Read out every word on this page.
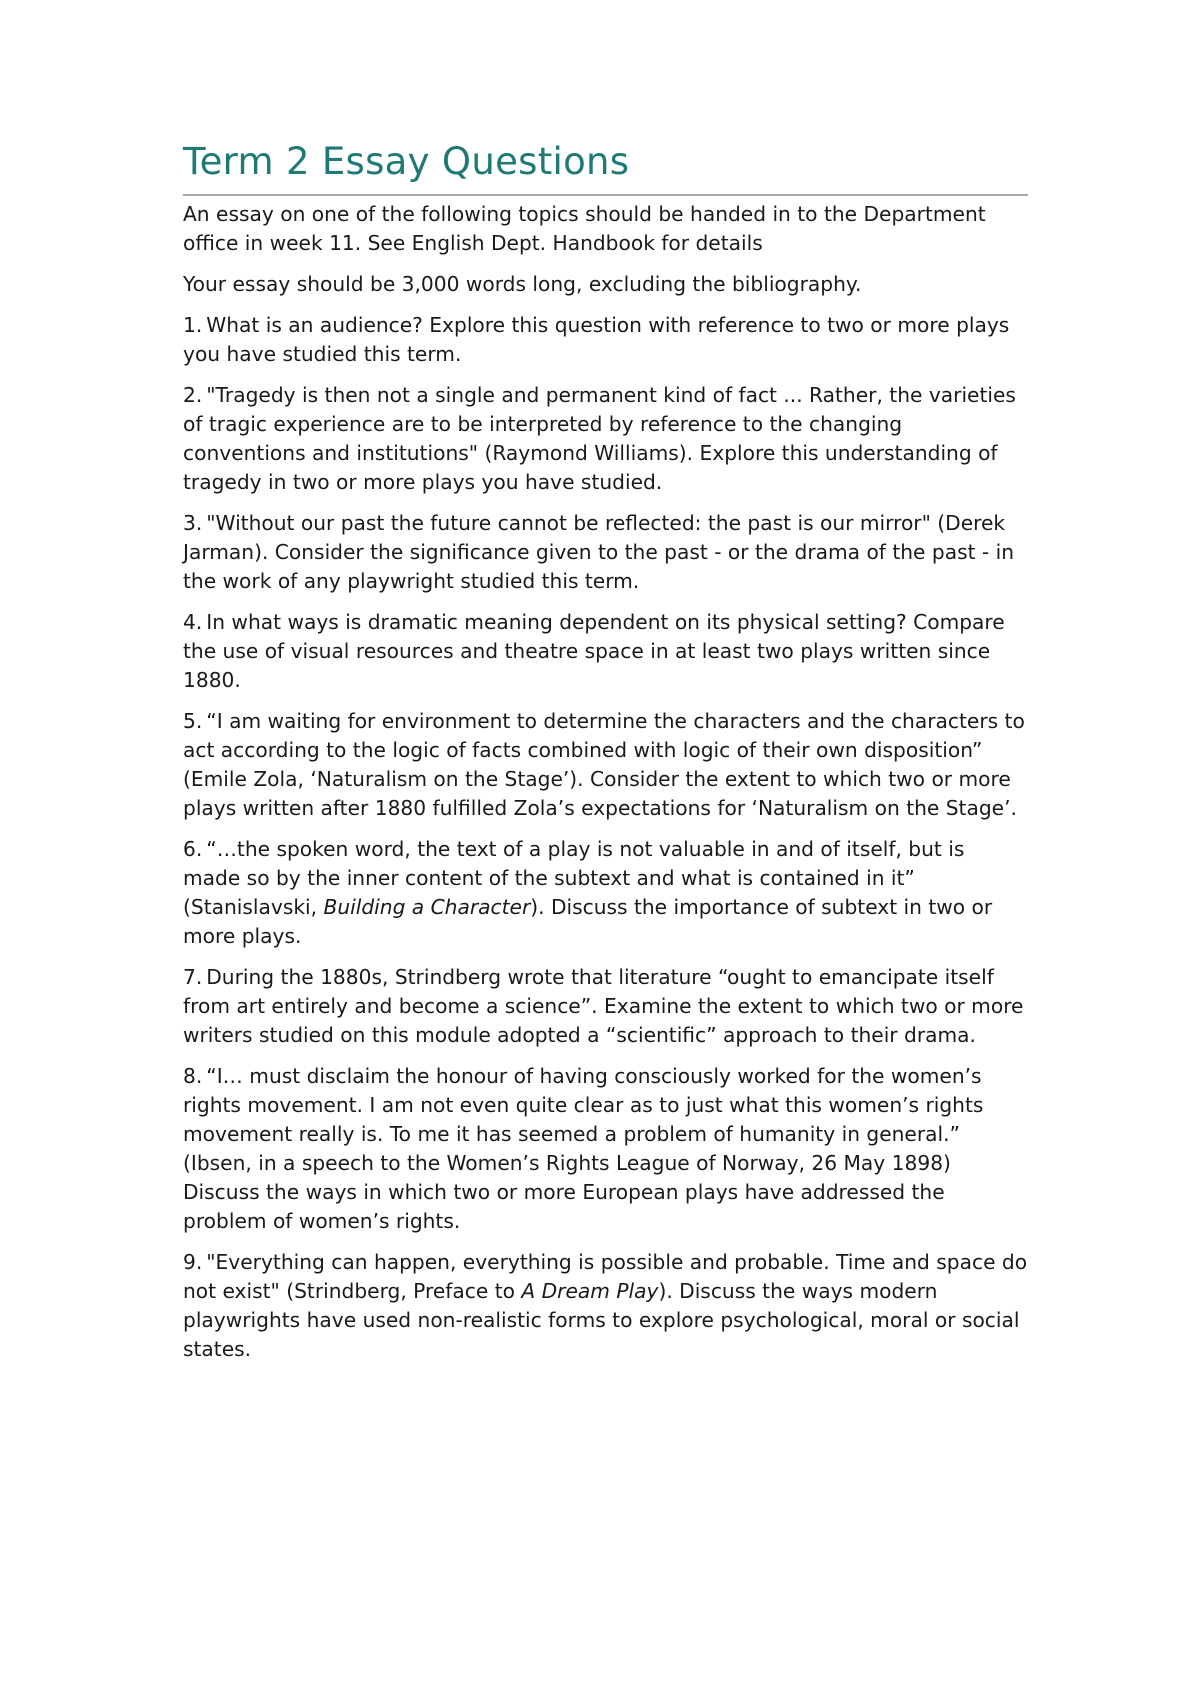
Term 2 Essay Questions

An essay on one of the following topics should be handed in to the Department office in week 11. See English Dept. Handbook for details

Your essay should be 3,000 words long, excluding the bibliography.

1. What is an audience? Explore this question with reference to two or more plays you have studied this term.

2. "Tragedy is then not a single and permanent kind of fact ... Rather, the varieties of tragic experience are to be interpreted by reference to the changing conventions and institutions" (Raymond Williams). Explore this understanding of tragedy in two or more plays you have studied.

3. "Without our past the future cannot be reflected: the past is our mirror" (Derek Jarman). Consider the significance given to the past - or the drama of the past - in the work of any playwright studied this term.

4. In what ways is dramatic meaning dependent on its physical setting? Compare the use of visual resources and theatre space in at least two plays written since 1880.

5. “I am waiting for environment to determine the characters and the characters to act according to the logic of facts combined with logic of their own disposition” (Emile Zola, ‘Naturalism on the Stage’). Consider the extent to which two or more plays written after 1880 fulfilled Zola’s expectations for ‘Naturalism on the Stage’.

6. “…the spoken word, the text of a play is not valuable in and of itself, but is made so by the inner content of the subtext and what is contained in it” (Stanislavski, Building a Character). Discuss the importance of subtext in two or more plays.

7. During the 1880s, Strindberg wrote that literature “ought to emancipate itself from art entirely and become a science”. Examine the extent to which two or more writers studied on this module adopted a “scientific” approach to their drama.

8. “I… must disclaim the honour of having consciously worked for the women’s rights movement. I am not even quite clear as to just what this women’s rights movement really is. To me it has seemed a problem of humanity in general.” (Ibsen, in a speech to the Women’s Rights League of Norway, 26 May 1898) Discuss the ways in which two or more European plays have addressed the problem of women’s rights.

9. "Everything can happen, everything is possible and probable. Time and space do not exist" (Strindberg, Preface to A Dream Play). Discuss the ways modern playwrights have used non-realistic forms to explore psychological, moral or social states.
